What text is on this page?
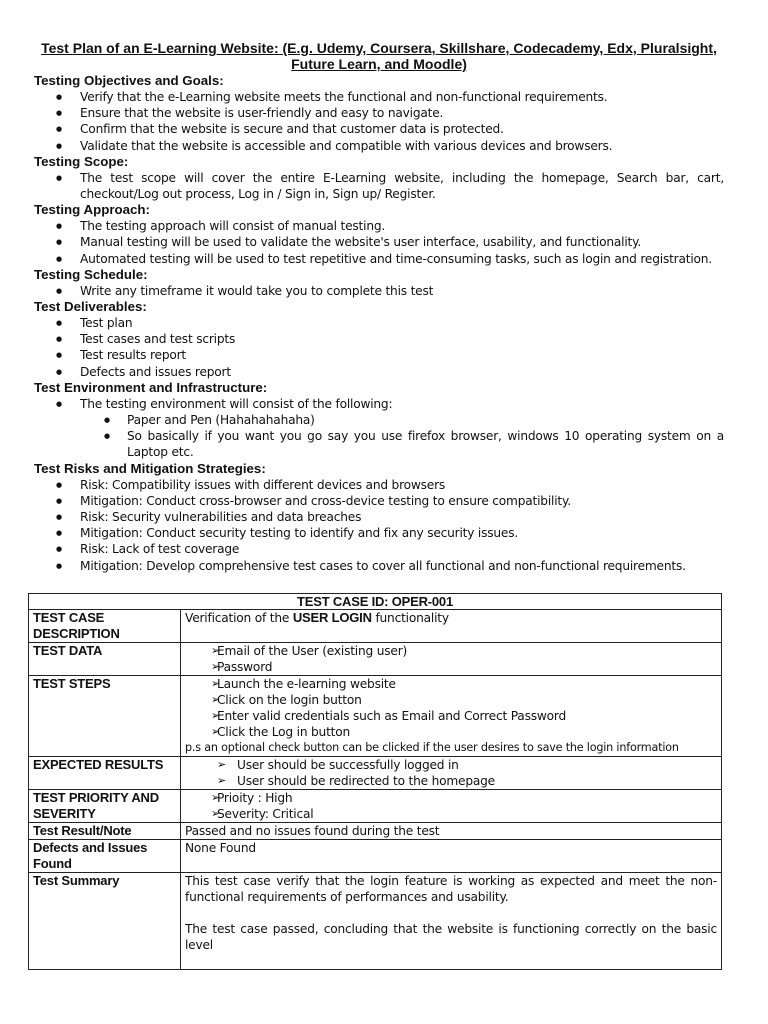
Test Plan of an E-Learning Website: (E.g. Udemy, Coursera, Skillshare, Codecademy, Edx, Pluralsight, Future Learn, and Moodle)
Testing Objectives and Goals:
● Verify that the e-Learning website meets the functional and non-functional requirements.
● Ensure that the website is user-friendly and easy to navigate.
● Confirm that the website is secure and that customer data is protected.
● Validate that the website is accessible and compatible with various devices and browsers.
Testing Scope:
● The test scope will cover the entire E-Learning website, including the homepage, Search bar, cart, checkout/Log out process, Log in / Sign in, Sign up/ Register.
Testing Approach:
● The testing approach will consist of manual testing.
● Manual testing will be used to validate the website's user interface, usability, and functionality.
● Automated testing will be used to test repetitive and time-consuming tasks, such as login and registration.
Testing Schedule:
● Write any timeframe it would take you to complete this test
Test Deliverables:
● Test plan
● Test cases and test scripts
● Test results report
● Defects and issues report
Test Environment and Infrastructure:
● The testing environment will consist of the following:
● Paper and Pen (Hahahahahaha)
● So basically if you want you go say you use firefox browser, windows 10 operating system on a Laptop etc.
Test Risks and Mitigation Strategies:
● Risk: Compatibility issues with different devices and browsers
● Mitigation: Conduct cross-browser and cross-device testing to ensure compatibility.
● Risk: Security vulnerabilities and data breaches
● Mitigation: Conduct security testing to identify and fix any security issues.
● Risk: Lack of test coverage
● Mitigation: Develop comprehensive test cases to cover all functional and non-functional requirements.
TEST CASE ID: OPER-001	
TEST CASE DESCRIPTION	Verification of the USER LOGIN functionality
TEST DATA	➢ Email of the User (existing user)
➢ Password

TEST STEPS	➢ Launch the e-learning website
➢ Click on the login button
➢ Enter valid credentials such as Email and Correct Password
➢ Click the Log in button
p.s an optional check button can be clicked if the user desires to save the login information

EXPECTED RESULTS	➢ User should be successfully logged in
➢ User should be redirected to the homepage

TEST PRIORITY AND SEVERITY	➢ Prioity : High
➢ Severity: Critical

Test Result/Note	Passed and no issues found during the test
Defects and Issues Found	None Found
Test Summary	This test case verify that the login feature is working as expected and meet the non-functional requirements of performances and usability.
The test case passed, concluding that the website is functioning correctly on the basic level
